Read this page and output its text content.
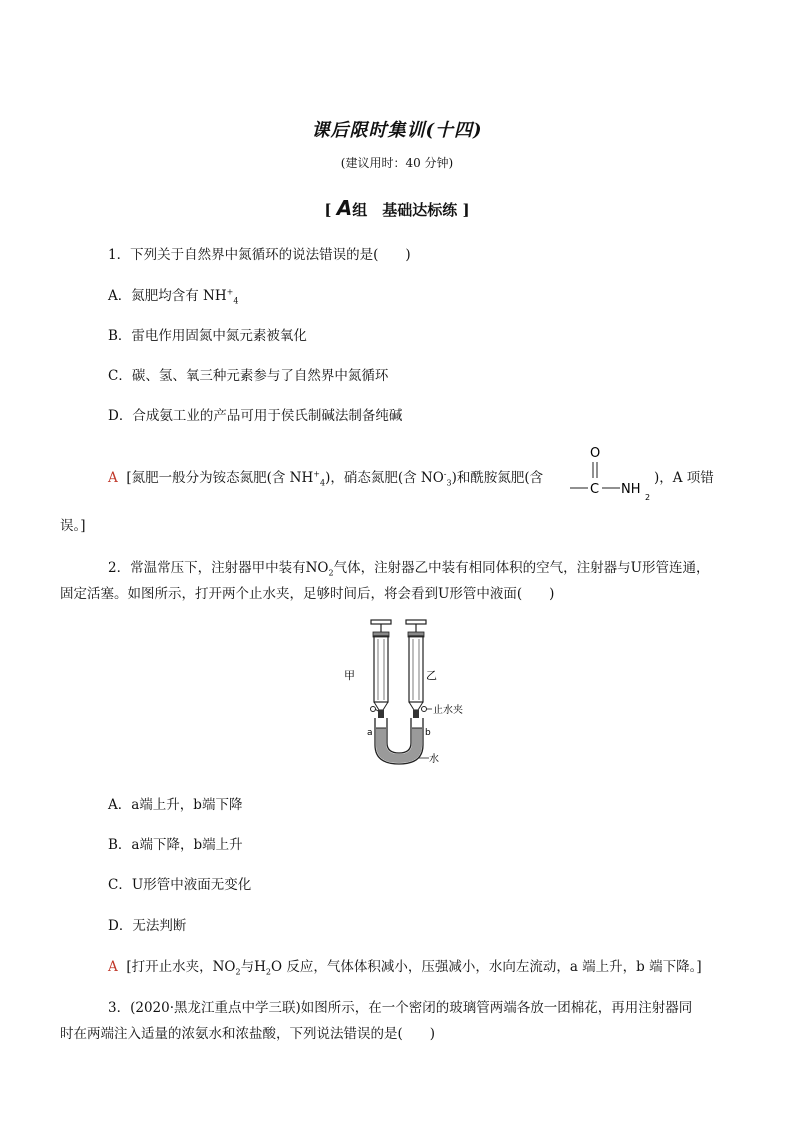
课后限时集训(十四)
(建议用时：40 分钟)
[ A组　基础达标练 ]
1．下列关于自然界中氮循环的说法错误的是(　　)
A．氮肥均含有 $NH^+_4$
B．雷电作用固氮中氮元素被氧化
C．碳、氢、氧三种元素参与了自然界中氮循环
D．合成氨工业的产品可用于侯氏制碱法制备纯碱
A [氮肥一般分为铵态氮肥(含 $NH^+_4$)，硝态氮肥(含 $NO^-_3$)和酰胺氮肥(含
O
C NH
2
)，A 项错
误。]
2．常温常压下，注射器甲中装有$NO_2$气体，注射器乙中装有相同体积的空气，注射器与U形管连通，
固定活塞。如图所示，打开两个止水夹，足够时间后，将会看到U形管中液面(　　)
甲	乙
止水夹
a	b
水
A．a端上升，b端下降
B．a端下降，b端上升
C．U形管中液面无变化
D．无法判断
A [打开止水夹，$NO_2$与$H_2O$ 反应，气体体积减小，压强减小，水向左流动，a 端上升，b 端下降。]
3．(2020·黑龙江重点中学三联)如图所示，在一个密闭的玻璃管两端各放一团棉花，再用注射器同
时在两端注入适量的浓氨水和浓盐酸，下列说法错误的是(　　)
